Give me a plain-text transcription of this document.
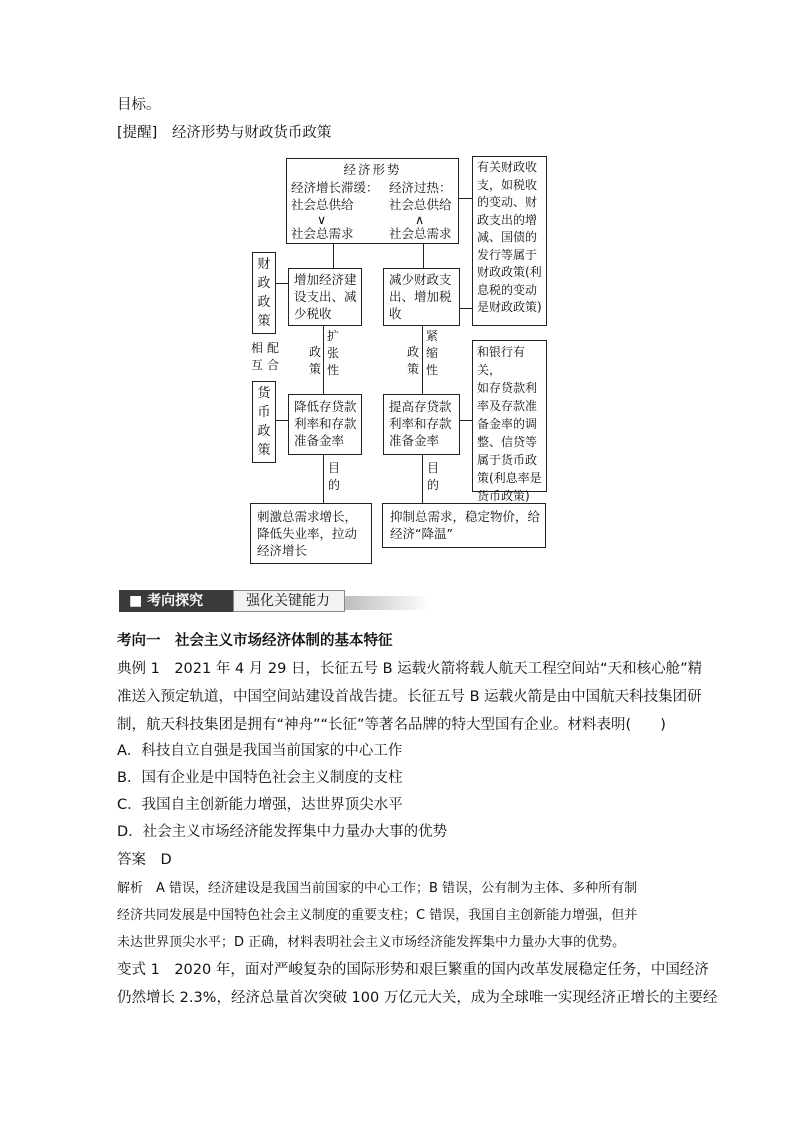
目标。
[提醒] 经济形势与财政货币政策
经济形势
经济增长滞缓：
社会总供给
∨
社会总需求
经济过热：
社会总供给
∧
社会总需求
财政政策
相互
配合
货币政策
增加经济建
设支出、减
少税收
减少财政支
出、增加税
收
政策
扩张性
政策
紧缩性
降低存贷款
利率和存款
准备金率
提高存贷款
利率和存款
准备金率
目的
目的
刺激总需求增长，
降低失业率，拉动
经济增长
抑制总需求，稳定物价，给
经济“降温”
有关财政收
支，如税收
的变动、财
政支出的增
减、国债的
发行等属于
财政政策(利
息税的变动
是财政政策)
和银行有关，
如存贷款利
率及存款准
备金率的调
整、信贷等
属于货币政
策(利息率是
货币政策)
■ 考向探究	强化关键能力
考向一　社会主义市场经济体制的基本特征
典例 1　2021 年 4 月 29 日，长征五号 B 运载火箭将载人航天工程空间站“天和核心舱”精
准送入预定轨道，中国空间站建设首战告捷。长征五号 B 运载火箭是由中国航天科技集团研
制，航天科技集团是拥有“神舟”“长征”等著名品牌的特大型国有企业。材料表明(　　)
A．科技自立自强是我国当前国家的中心工作
B．国有企业是中国特色社会主义制度的支柱
C．我国自主创新能力增强，达世界顶尖水平
D．社会主义市场经济能发挥集中力量办大事的优势
答案　D
解析　A 错误，经济建设是我国当前国家的中心工作；B 错误，公有制为主体、多种所有制
经济共同发展是中国特色社会主义制度的重要支柱；C 错误，我国自主创新能力增强，但并
未达世界顶尖水平；D 正确，材料表明社会主义市场经济能发挥集中力量办大事的优势。
变式 1　2020 年，面对严峻复杂的国际形势和艰巨繁重的国内改革发展稳定任务，中国经济
仍然增长 2.3%，经济总量首次突破 100 万亿元大关，成为全球唯一实现经济正增长的主要经
